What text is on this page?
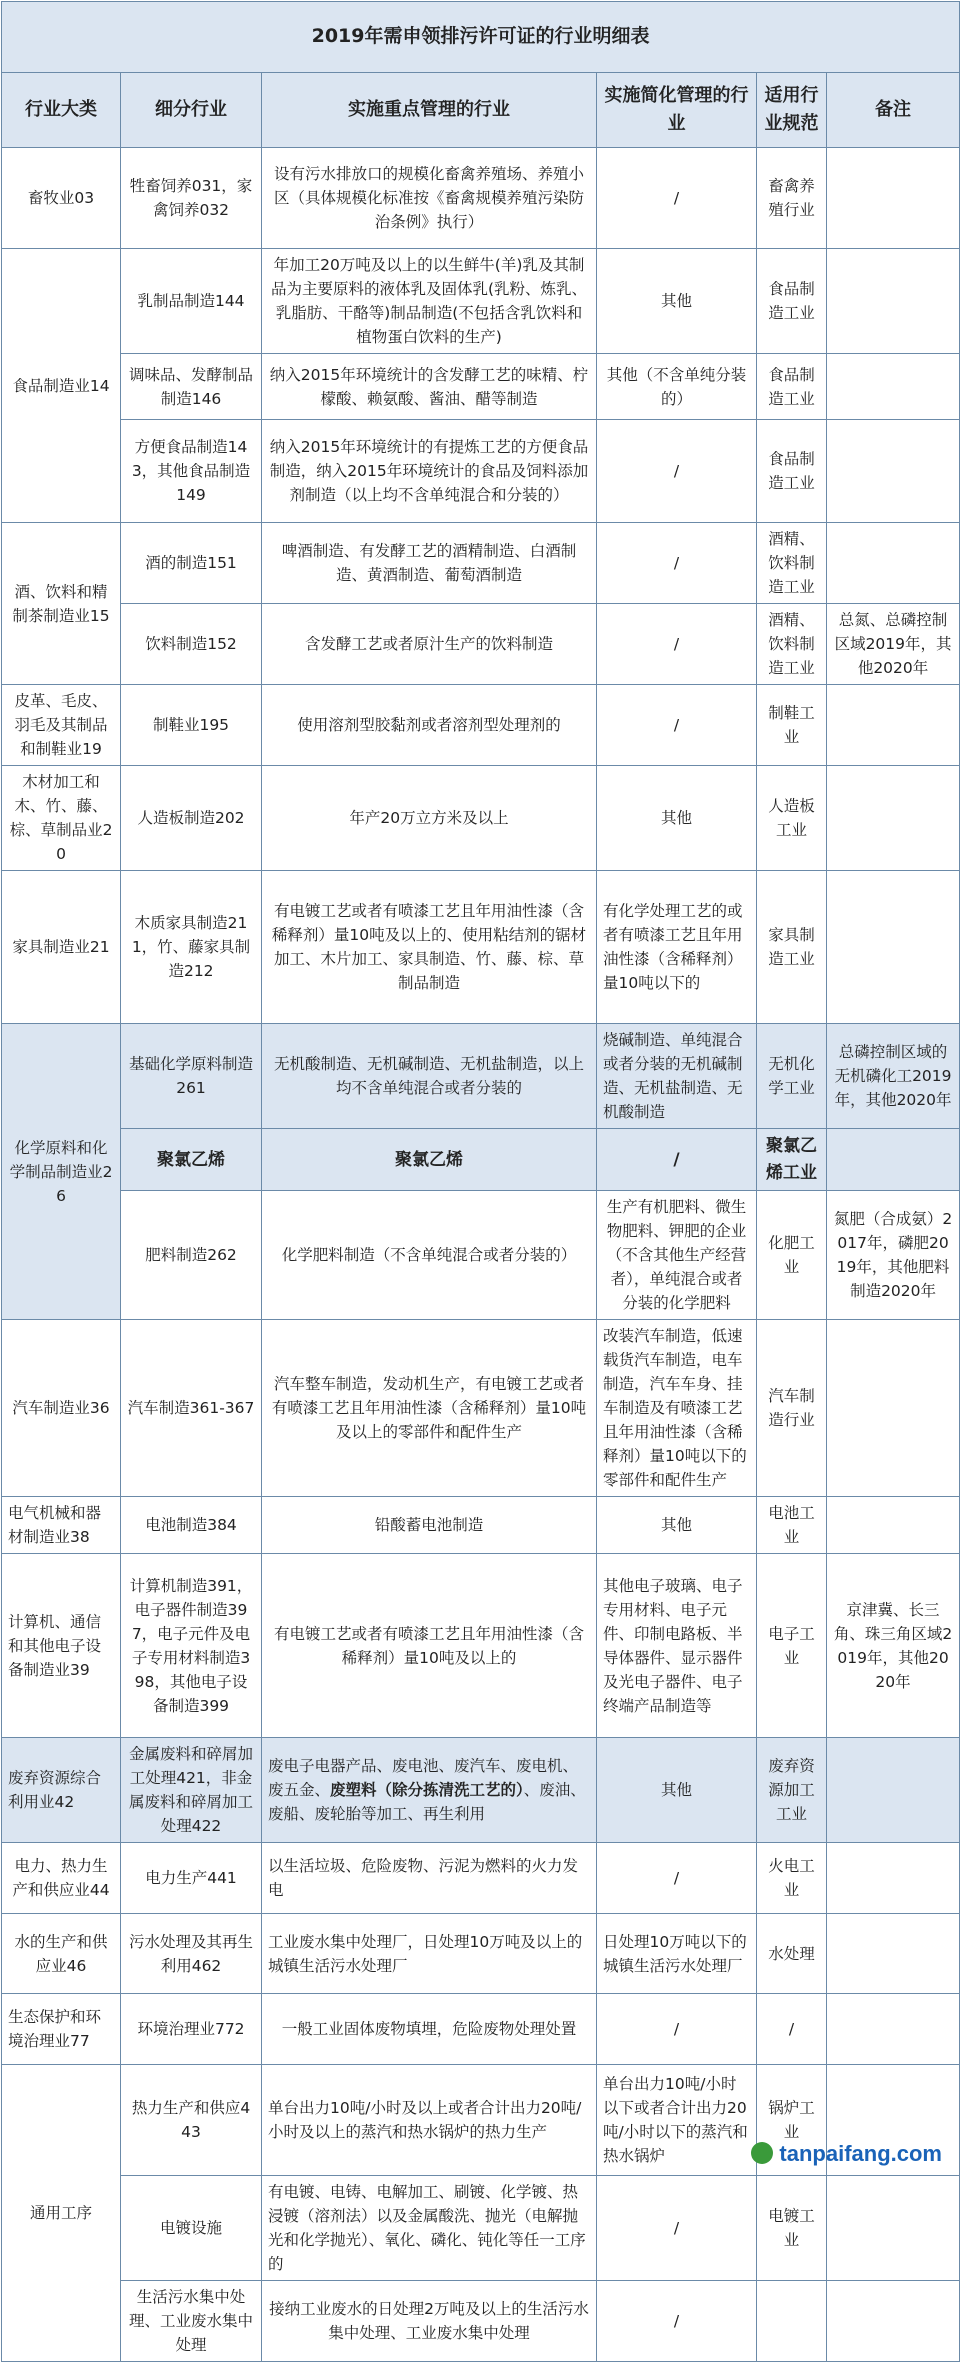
2019年需申领排污许可证的行业明细表					
行业大类	细分行业	实施重点管理的行业	实施简化管理的行业	适用行业规范	备注
畜牧业03	牲畜饲养031，家禽饲养032	设有污水排放口的规模化畜禽养殖场、养殖小区（具体规模化标准按《畜禽规模养殖污染防治条例》执行）	/	畜禽养殖行业	
食品制造业14	乳制品制造144	年加工20万吨及以上的以生鲜牛(羊)乳及其制品为主要原料的液体乳及固体乳(乳粉、炼乳、乳脂肪、干酪等)制品制造(不包括含乳饮料和植物蛋白饮料的生产)	其他	食品制造工业	
	调味品、发酵制品制造146	纳入2015年环境统计的含发酵工艺的味精、柠檬酸、赖氨酸、酱油、醋等制造	其他（不含单纯分装的）	食品制造工业	
	方便食品制造143，其他食品制造149	纳入2015年环境统计的有提炼工艺的方便食品制造，纳入2015年环境统计的食品及饲料添加剂制造（以上均不含单纯混合和分装的）	/	食品制造工业	
酒、饮料和精制茶制造业15	酒的制造151	啤酒制造、有发酵工艺的酒精制造、白酒制造、黄酒制造、葡萄酒制造	/	酒精、饮料制造工业	
	饮料制造152	含发酵工艺或者原汁生产的饮料制造	/	酒精、饮料制造工业	总氮、总磷控制区域2019年，其他2020年
皮革、毛皮、羽毛及其制品和制鞋业19	制鞋业195	使用溶剂型胶黏剂或者溶剂型处理剂的	/	制鞋工业	
木材加工和木、竹、藤、棕、草制品业20	人造板制造202	年产20万立方米及以上	其他	人造板工业	
家具制造业21	木质家具制造211，竹、藤家具制造212	有电镀工艺或者有喷漆工艺且年用油性漆（含稀释剂）量10吨及以上的、使用粘结剂的锯材加工、木片加工、家具制造、竹、藤、棕、草制品制造	有化学处理工艺的或者有喷漆工艺且年用油性漆（含稀释剂）量10吨以下的	家具制造工业	
化学原料和化学制品制造业26	基础化学原料制造261	无机酸制造、无机碱制造、无机盐制造，以上均不含单纯混合或者分装的	烧碱制造、单纯混合或者分装的无机碱制造、无机盐制造、无机酸制造	无机化学工业	总磷控制区域的无机磷化工2019年，其他2020年
	聚氯乙烯	聚氯乙烯	/	聚氯乙烯工业	
	肥料制造262	化学肥料制造（不含单纯混合或者分装的）	生产有机肥料、微生物肥料、钾肥的企业（不含其他生产经营者），单纯混合或者分装的化学肥料	化肥工业	氮肥（合成氨）2017年，磷肥2019年，其他肥料制造2020年
汽车制造业36	汽车制造361-367	汽车整车制造，发动机生产，有电镀工艺或者有喷漆工艺且年用油性漆（含稀释剂）量10吨及以上的零部件和配件生产	改装汽车制造，低速载货汽车制造，电车制造，汽车车身、挂车制造及有喷漆工艺且年用油性漆（含稀释剂）量10吨以下的零部件和配件生产	汽车制造行业	
电气机械和器材制造业38	电池制造384	铅酸蓄电池制造	其他	电池工业	
计算机、通信和其他电子设备制造业39	计算机制造391，电子器件制造397，电子元件及电子专用材料制造398，其他电子设备制造399	有电镀工艺或者有喷漆工艺且年用油性漆（含稀释剂）量10吨及以上的	其他电子玻璃、电子专用材料、电子元件、印制电路板、半导体器件、显示器件及光电子器件、电子终端产品制造等	电子工业	京津冀、长三角、珠三角区域2019年，其他2020年
废弃资源综合利用业42	金属废料和碎屑加工处理421，非金属废料和碎屑加工处理422	废电子电器产品、废电池、废汽车、废电机、废五金、废塑料（除分拣清洗工艺的）、废油、废船、废轮胎等加工、再生利用	其他	废弃资源加工工业	
电力、热力生产和供应业44	电力生产441	以生活垃圾、危险废物、污泥为燃料的火力发电	/	火电工业	
水的生产和供应业46	污水处理及其再生利用462	工业废水集中处理厂，日处理10万吨及以上的城镇生活污水处理厂	日处理10万吨以下的城镇生活污水处理厂	水处理	
生态保护和环境治理业77	环境治理业772	一般工业固体废物填埋，危险废物处理处置	/	/	
通用工序	热力生产和供应443	单台出力10吨/小时及以上或者合计出力20吨/小时及以上的蒸汽和热水锅炉的热力生产	单台出力10吨/小时以下或者合计出力20吨/小时以下的蒸汽和热水锅炉	锅炉工业	
	电镀设施	有电镀、电铸、电解加工、刷镀、化学镀、热浸镀（溶剂法）以及金属酸洗、抛光（电解抛光和化学抛光）、氧化、磷化、钝化等任一工序的	/	电镀工业	
	生活污水集中处理、工业废水集中处理	接纳工业废水的日处理2万吨及以上的生活污水集中处理、工业废水集中处理	/		
tanpaifang.com
